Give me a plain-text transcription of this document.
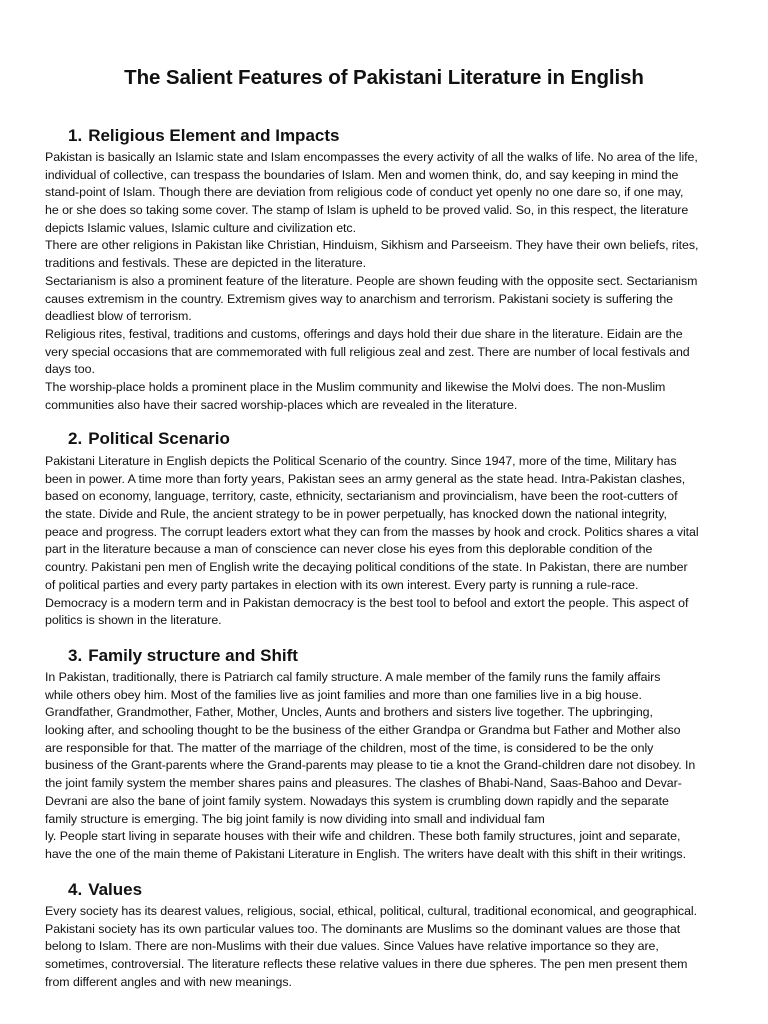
The Salient Features of Pakistani Literature in English
1. Religious Element and Impacts
Pakistan is basically an Islamic state and Islam encompasses the every activity of all the walks of life. No area of the life,
individual of collective, can trespass the boundaries of Islam. Men and women think, do, and say keeping in mind the
stand-point of Islam. Though there are deviation from religious code of conduct yet openly no one dare so, if one may,
he or she does so taking some cover. The stamp of Islam is upheld to be proved valid. So, in this respect, the literature
depicts Islamic values, Islamic culture and civilization etc.
There are other religions in Pakistan like Christian, Hinduism, Sikhism and Parseeism. They have their own beliefs, rites,
traditions and festivals. These are depicted in the literature.
Sectarianism is also a prominent feature of the literature. People are shown feuding with the opposite sect. Sectarianism
causes extremism in the country. Extremism gives way to anarchism and terrorism. Pakistani society is suffering the
deadliest blow of terrorism.
Religious rites, festival, traditions and customs, offerings and days hold their due share in the literature. Eidain are the
very special occasions that are commemorated with full religious zeal and zest. There are number of local festivals and
days too.
The worship-place holds a prominent place in the Muslim community and likewise the Molvi does. The non-Muslim
communities also have their sacred worship-places which are revealed in the literature.
2. Political Scenario
Pakistani Literature in English depicts the Political Scenario of the country. Since 1947, more of the time, Military has
been in power. A time more than forty years, Pakistan sees an army general as the state head. Intra-Pakistan clashes,
based on economy, language, territory, caste, ethnicity, sectarianism and provincialism, have been the root-cutters of
the state. Divide and Rule, the ancient strategy to be in power perpetually, has knocked down the national integrity,
peace and progress. The corrupt leaders extort what they can from the masses by hook and crock. Politics shares a vital
part in the literature because a man of conscience can never close his eyes from this deplorable condition of the
country. Pakistani pen men of English write the decaying political conditions of the state. In Pakistan, there are number
of political parties and every party partakes in election with its own interest. Every party is running a rule-race.
Democracy is a modern term and in Pakistan democracy is the best tool to befool and extort the people. This aspect of
politics is shown in the literature.
3. Family structure and Shift
In Pakistan, traditionally, there is Patriarch cal family structure. A male member of the family runs the family affairs
while others obey him. Most of the families live as joint families and more than one families live in a big house.
Grandfather, Grandmother, Father, Mother, Uncles, Aunts and brothers and sisters live together. The upbringing,
looking after, and schooling thought to be the business of the either Grandpa or Grandma but Father and Mother also
are responsible for that. The matter of the marriage of the children, most of the time, is considered to be the only
business of the Grant-parents where the Grand-parents may please to tie a knot the Grand-children dare not disobey. In
the joint family system the member shares pains and pleasures. The clashes of Bhabi-Nand, Saas-Bahoo and Devar-
Devrani are also the bane of joint family system. Nowadays this system is crumbling down rapidly and the separate
family structure is emerging. The big joint family is now dividing into small and individual fam
ly. People start living in separate houses with their wife and children. These both family structures, joint and separate,
have the one of the main theme of Pakistani Literature in English. The writers have dealt with this shift in their writings.
4. Values
Every society has its dearest values, religious, social, ethical, political, cultural, traditional economical, and geographical.
Pakistani society has its own particular values too. The dominants are Muslims so the dominant values are those that
belong to Islam. There are non-Muslims with their due values. Since Values have relative importance so they are,
sometimes, controversial. The literature reflects these relative values in there due spheres. The pen men present them
from different angles and with new meanings.
